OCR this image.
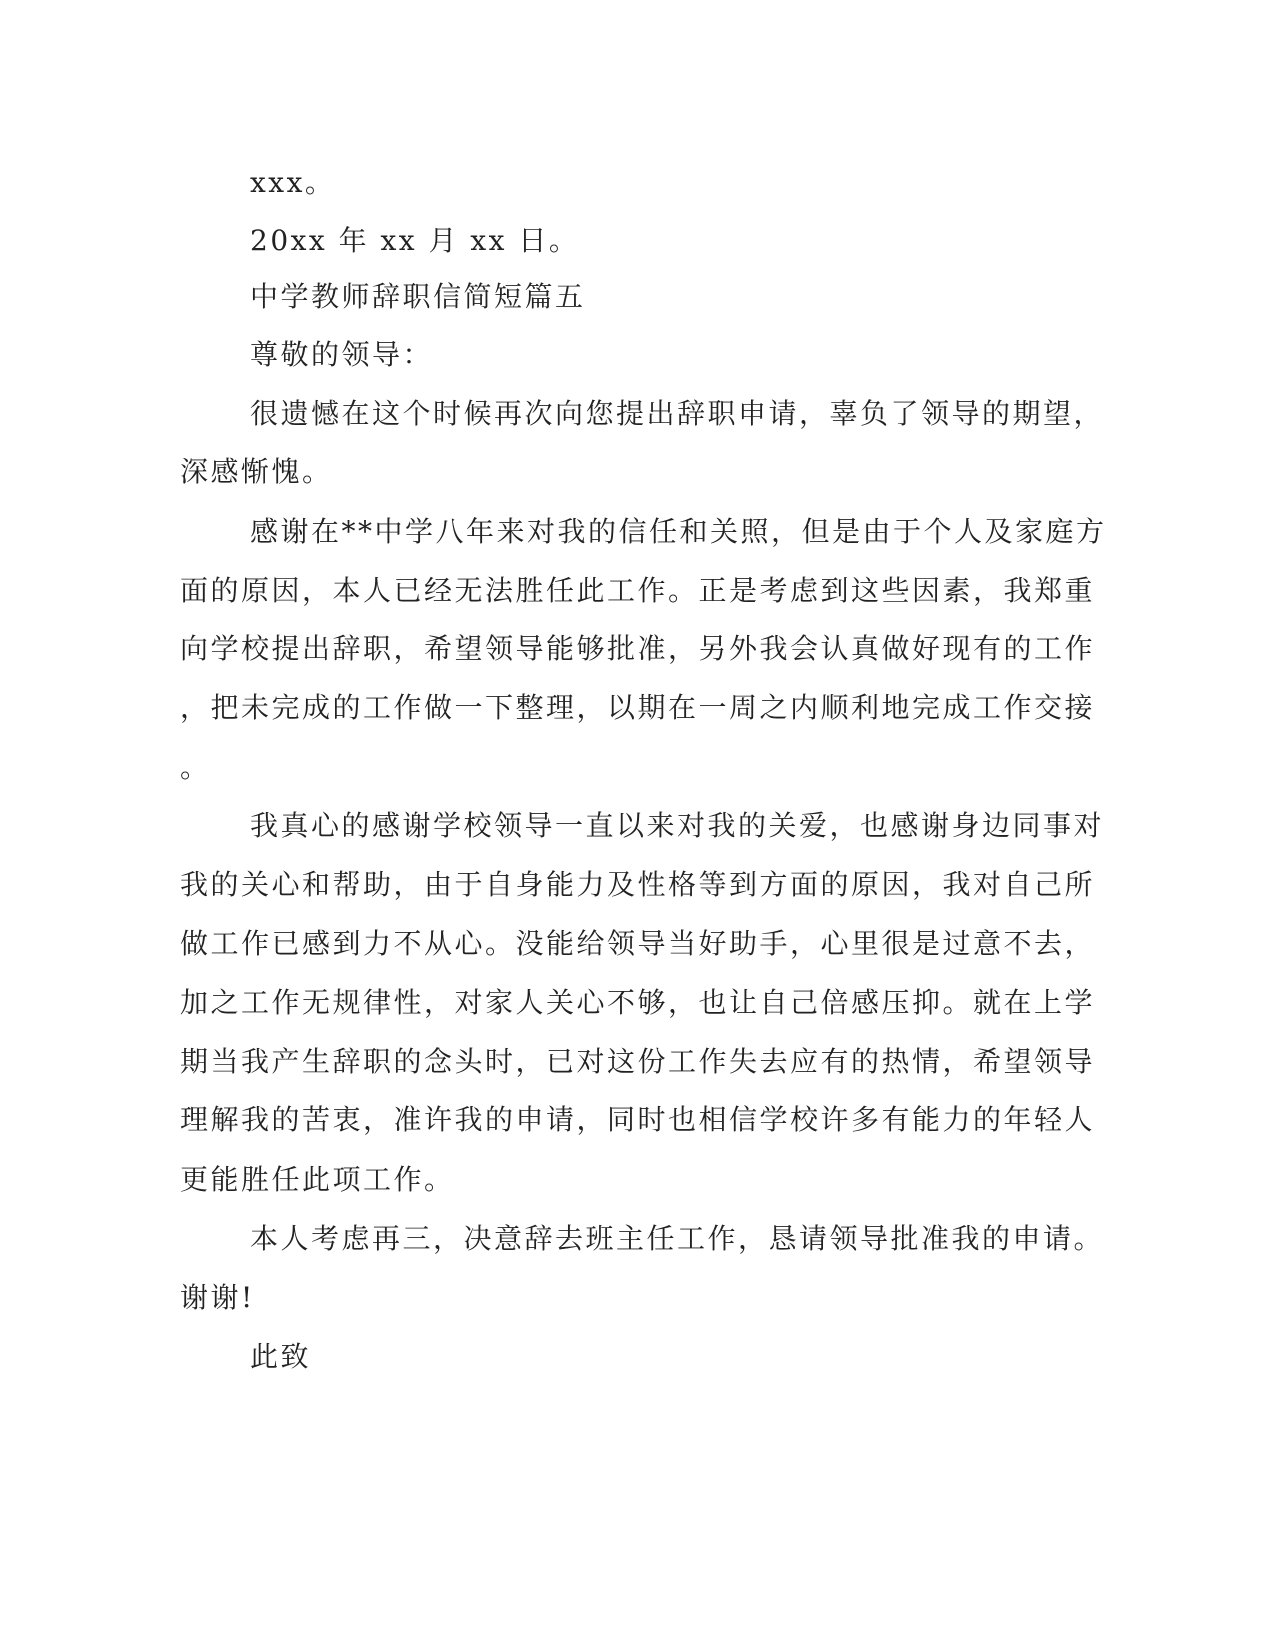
xxx。
20xx 年 xx 月 xx 日。
中学教师辞职信简短篇五
尊敬的领导：
很遗憾在这个时候再次向您提出辞职申请，辜负了领导的期望，
深感惭愧。
感谢在**中学八年来对我的信任和关照，但是由于个人及家庭方
面的原因，本人已经无法胜任此工作。正是考虑到这些因素，我郑重
向学校提出辞职，希望领导能够批准，另外我会认真做好现有的工作
，把未完成的工作做一下整理，以期在一周之内顺利地完成工作交接
。
我真心的感谢学校领导一直以来对我的关爱，也感谢身边同事对
我的关心和帮助，由于自身能力及性格等到方面的原因，我对自己所
做工作已感到力不从心。没能给领导当好助手，心里很是过意不去，
加之工作无规律性，对家人关心不够，也让自己倍感压抑。就在上学
期当我产生辞职的念头时，已对这份工作失去应有的热情，希望领导
理解我的苦衷，准许我的申请，同时也相信学校许多有能力的年轻人
更能胜任此项工作。
本人考虑再三，决意辞去班主任工作，恳请领导批准我的申请。
谢谢!
此致
